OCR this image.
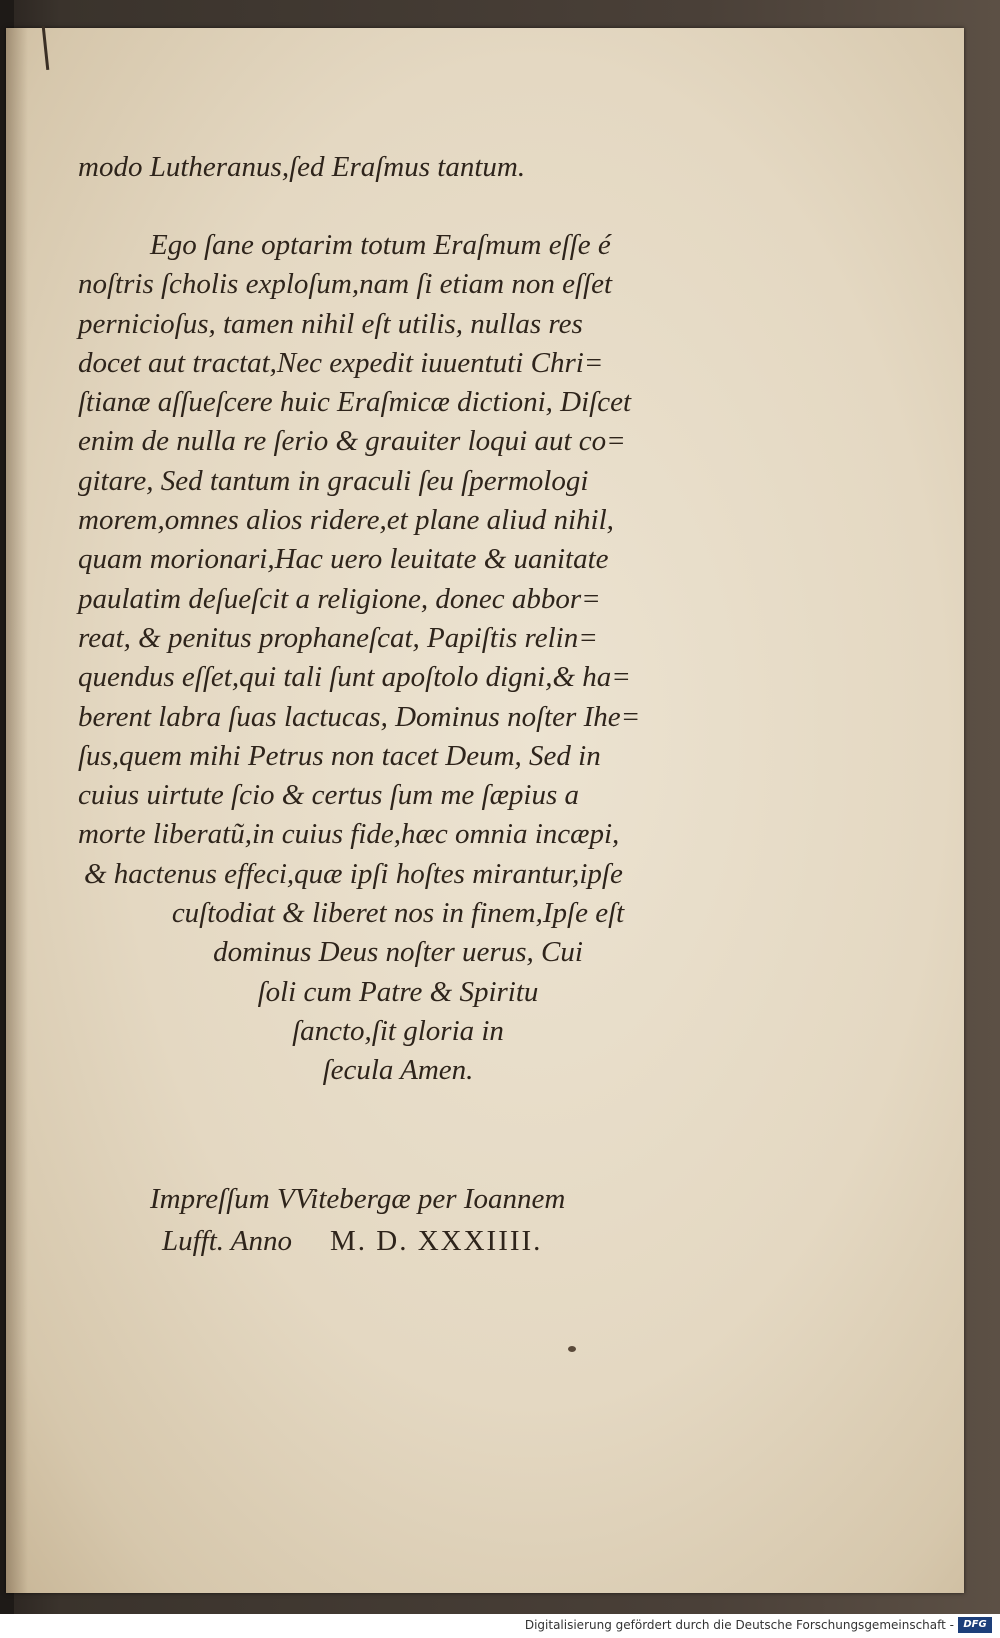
modo Lutheranus,ſed Eraſmus tantum.
Ego ſane optarim totum Eraſmum eſſe é
noſtris ſcholis exploſum,nam ſi etiam non eſſet
pernicioſus, tamen nihil eſt utilis, nullas res
docet aut tractat,Nec expedit iuuentuti Chri=
ſtianæ aſſueſcere huic Eraſmicæ dictioni, Diſcet
enim de nulla re ſerio & grauiter loqui aut co=
gitare, Sed tantum in graculi ſeu ſpermologi
morem,omnes alios ridere,et plane aliud nihil,
quam morionari,Hac uero leuitate & uanitate
paulatim deſueſcit a religione, donec abbor=
reat, & penitus prophaneſcat, Papiſtis relin=
quendus eſſet,qui tali ſunt apoſtolo digni,& ha=
berent labra ſuas lactucas, Dominus noſter Ihe=
ſus,quem mihi Petrus non tacet Deum, Sed in
cuius uirtute ſcio & certus ſum me ſæpius a
morte liberatũ,in cuius fide,hæc omnia incæpi,
& hactenus effeci,quæ ipſi hoſtes mirantur,ipſe
cuſtodiat & liberet nos in finem,Ipſe eſt
dominus Deus noſter uerus, Cui
ſoli cum Patre & Spiritu
ſancto,ſit gloria in
ſecula Amen.
Impreſſum VVitebergæ per Ioannem
Lufft. Anno M. D. XXXIIII.
Digitalisierung gefördert durch die Deutsche Forschungsgemeinschaft - DFG
